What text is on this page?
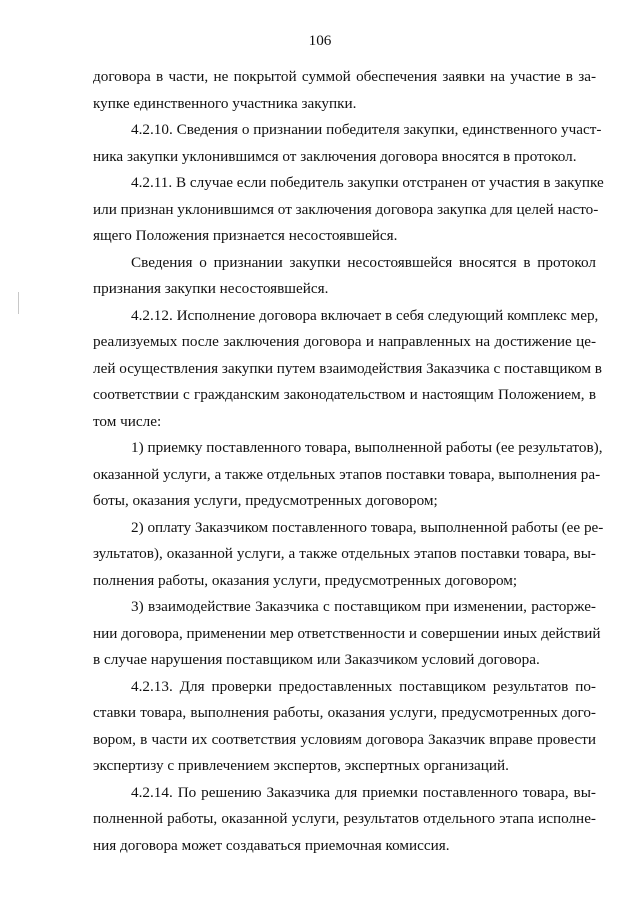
106
договора в части, не покрытой суммой обеспечения заявки на участие в за-
купке единственного участника закупки.
4.2.10. Сведения о признании победителя закупки, единственного участ-
ника закупки уклонившимся от заключения договора вносятся в протокол.
4.2.11. В случае если победитель закупки отстранен от участия в закупке
или признан уклонившимся от заключения договора закупка для целей насто-
ящего Положения признается несостоявшейся.
Сведения о признании закупки несостоявшейся вносятся в протокол
признания закупки несостоявшейся.
4.2.12. Исполнение договора включает в себя следующий комплекс мер,
реализуемых после заключения договора и направленных на достижение це-
лей осуществления закупки путем взаимодействия Заказчика с поставщиком в
соответствии с гражданским законодательством и настоящим Положением, в
том числе:
1) приемку поставленного товара, выполненной работы (ее результатов),
оказанной услуги, а также отдельных этапов поставки товара, выполнения ра-
боты, оказания услуги, предусмотренных договором;
2) оплату Заказчиком поставленного товара, выполненной работы (ее ре-
зультатов), оказанной услуги, а также отдельных этапов поставки товара, вы-
полнения работы, оказания услуги, предусмотренных договором;
3) взаимодействие Заказчика с поставщиком при изменении, расторже-
нии договора, применении мер ответственности и совершении иных действий
в случае нарушения поставщиком или Заказчиком условий договора.
4.2.13. Для проверки предоставленных поставщиком результатов по-
ставки товара, выполнения работы, оказания услуги, предусмотренных дого-
вором, в части их соответствия условиям договора Заказчик вправе провести
экспертизу с привлечением экспертов, экспертных организаций.
4.2.14. По решению Заказчика для приемки поставленного товара, вы-
полненной работы, оказанной услуги, результатов отдельного этапа исполне-
ния договора может создаваться приемочная комиссия.
